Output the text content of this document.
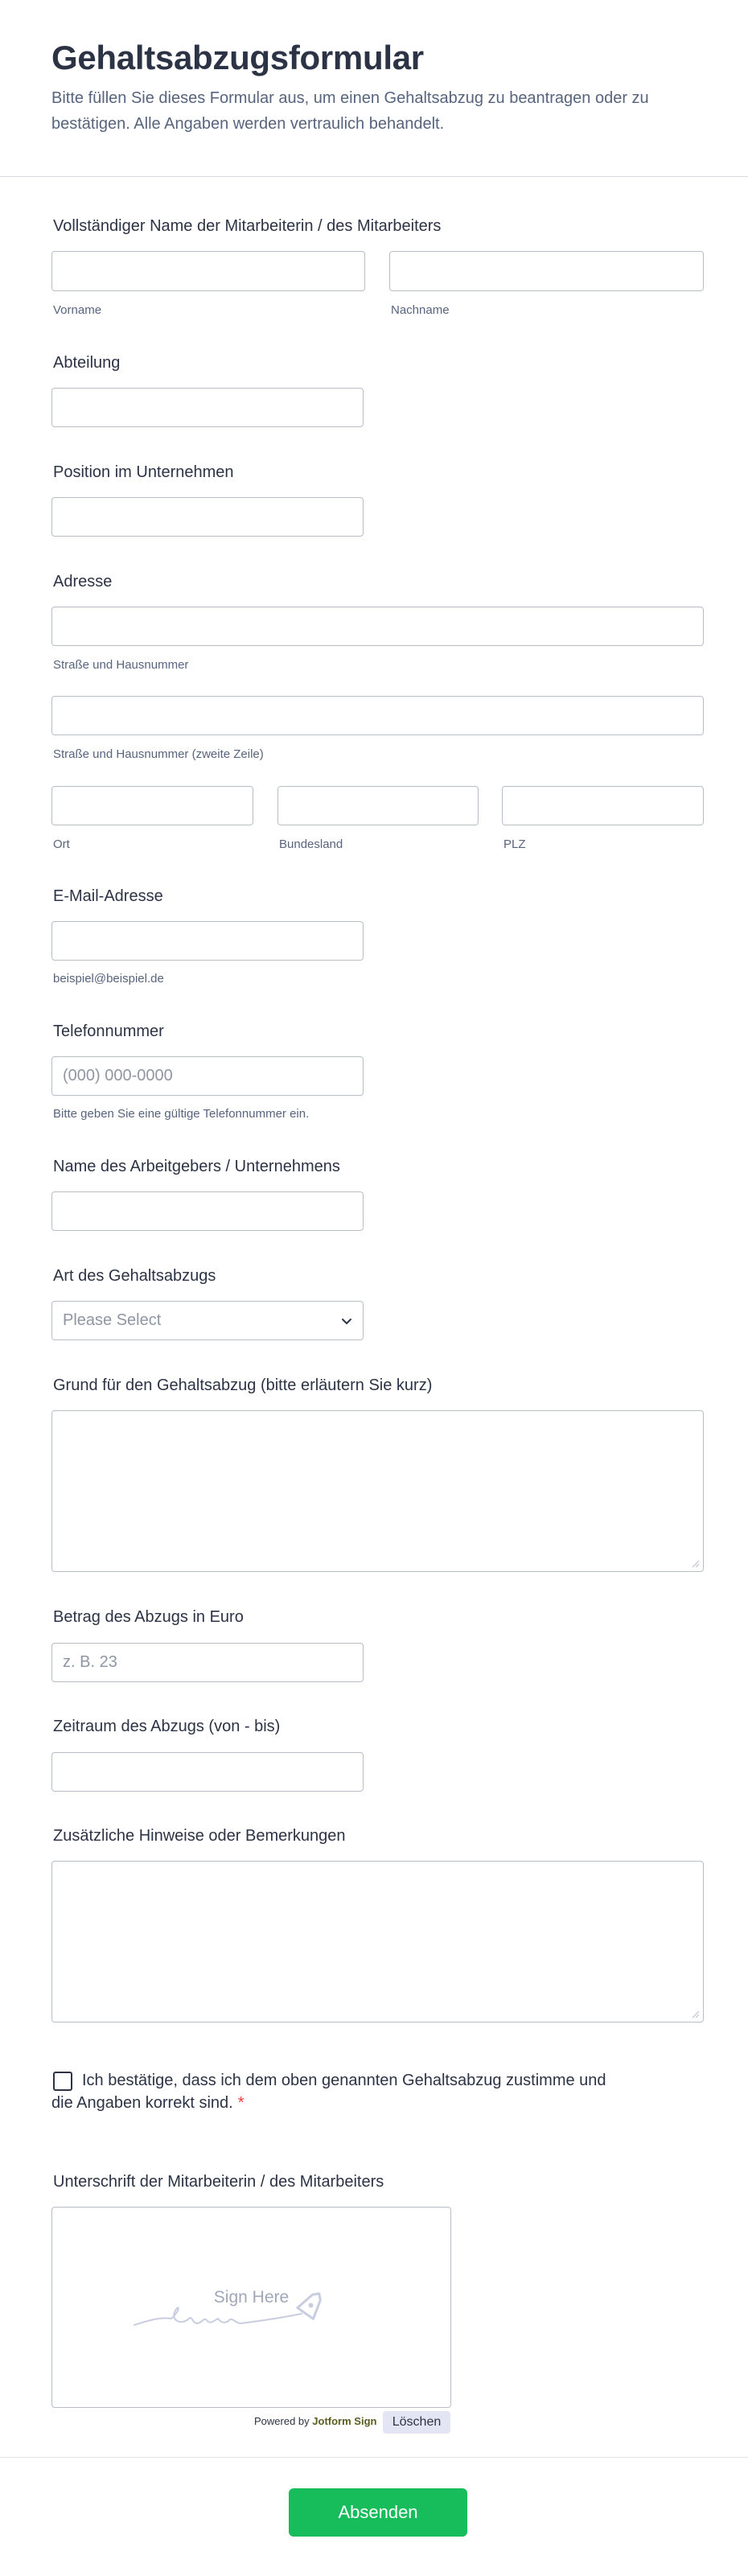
Gehaltsabzugsformular
Bitte füllen Sie dieses Formular aus, um einen Gehaltsabzug zu beantragen oder zu bestätigen. Alle Angaben werden vertraulich behandelt.
Vollständiger Name der Mitarbeiterin / des Mitarbeiters
Vorname	Nachname
Abteilung
Position im Unternehmen
Adresse
Straße und Hausnummer
Straße und Hausnummer (zweite Zeile)
Ort	Bundesland	PLZ
E-Mail-Adresse
beispiel@beispiel.de
Telefonnummer
(000) 000-0000
Bitte geben Sie eine gültige Telefonnummer ein.
Name des Arbeitgebers / Unternehmens
Art des Gehaltsabzugs
Please Select
Grund für den Gehaltsabzug (bitte erläutern Sie kurz)
Betrag des Abzugs in Euro
z. B. 23
Zeitraum des Abzugs (von - bis)
Zusätzliche Hinweise oder Bemerkungen
Ich bestätige, dass ich dem oben genannten Gehaltsabzug zustimme und die Angaben korrekt sind. *
Unterschrift der Mitarbeiterin / des Mitarbeiters
Sign Here
Powered by Jotform Sign	Löschen
Absenden
